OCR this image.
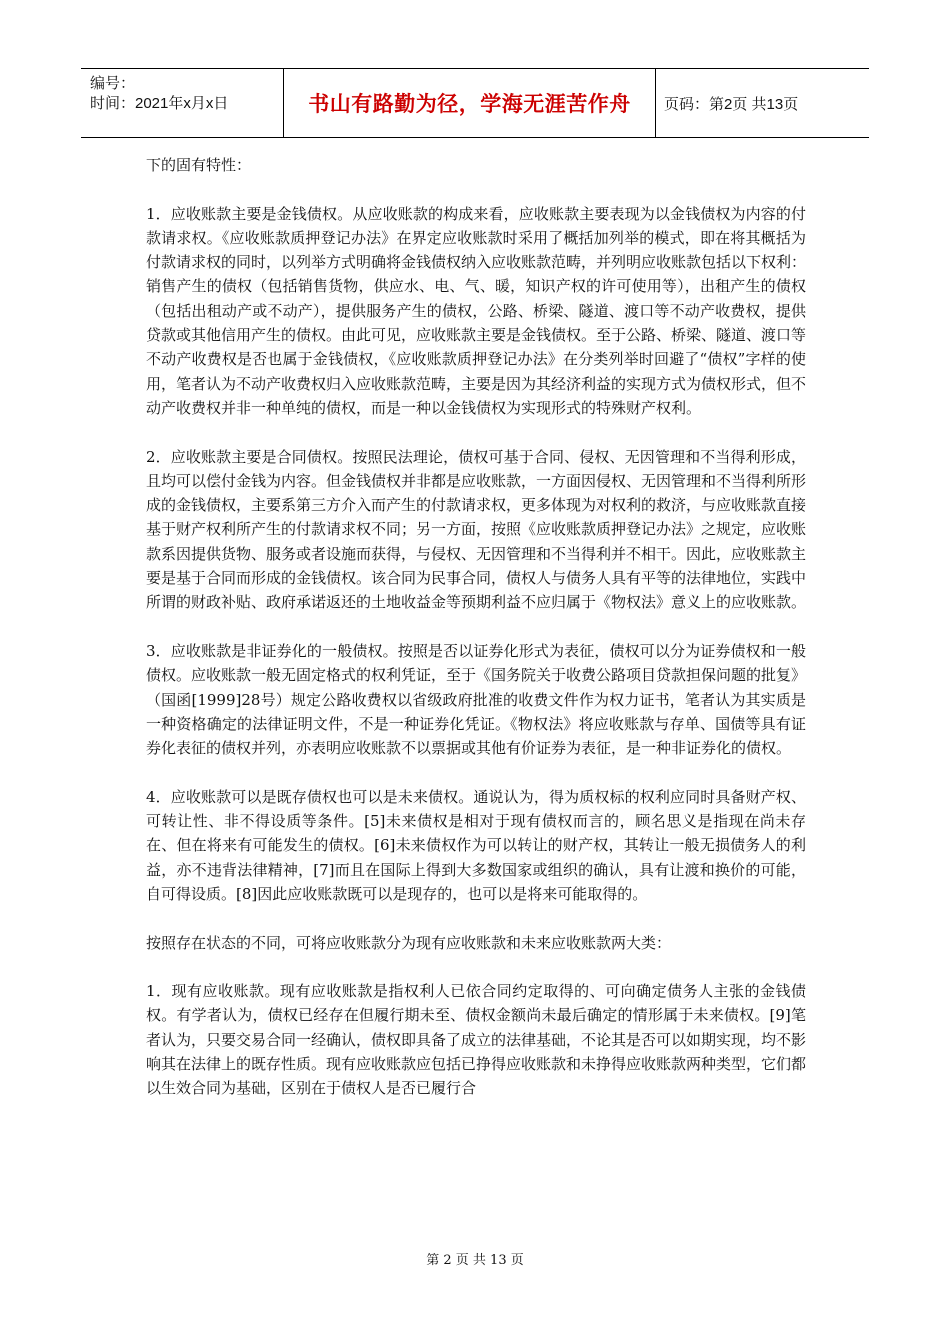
编号：
时间：2021年x月x日	书山有路勤为径，学海无涯苦作舟	页码：第2页 共13页

下的固有特性：

1．应收账款主要是金钱债权。从应收账款的构成来看，应收账款主要表现为以金钱债权为内容的付款请求权。《应收账款质押登记办法》在界定应收账款时采用了概括加列举的模式，即在将其概括为付款请求权的同时，以列举方式明确将金钱债权纳入应收账款范畴，并列明应收账款包括以下权利：销售产生的债权（包括销售货物，供应水、电、气、暖，知识产权的许可使用等），出租产生的债权（包括出租动产或不动产），提供服务产生的债权，公路、桥梁、隧道、渡口等不动产收费权，提供贷款或其他信用产生的债权。由此可见，应收账款主要是金钱债权。至于公路、桥梁、隧道、渡口等不动产收费权是否也属于金钱债权，《应收账款质押登记办法》在分类列举时回避了“债权”字样的使用，笔者认为不动产收费权归入应收账款范畴，主要是因为其经济利益的实现方式为债权形式，但不动产收费权并非一种单纯的债权，而是一种以金钱债权为实现形式的特殊财产权利。

2．应收账款主要是合同债权。按照民法理论，债权可基于合同、侵权、无因管理和不当得利形成，且均可以偿付金钱为内容。但金钱债权并非都是应收账款，一方面因侵权、无因管理和不当得利所形成的金钱债权，主要系第三方介入而产生的付款请求权，更多体现为对权利的救济，与应收账款直接基于财产权利所产生的付款请求权不同；另一方面，按照《应收账款质押登记办法》之规定，应收账款系因提供货物、服务或者设施而获得，与侵权、无因管理和不当得利并不相干。因此，应收账款主要是基于合同而形成的金钱债权。该合同为民事合同，债权人与债务人具有平等的法律地位，实践中所谓的财政补贴、政府承诺返还的土地收益金等预期利益不应归属于《物权法》意义上的应收账款。

3．应收账款是非证券化的一般债权。按照是否以证券化形式为表征，债权可以分为证券债权和一般债权。应收账款一般无固定格式的权利凭证，至于《国务院关于收费公路项目贷款担保问题的批复》（国函[1999]28号）规定公路收费权以省级政府批准的收费文件作为权力证书，笔者认为其实质是一种资格确定的法律证明文件，不是一种证券化凭证。《物权法》将应收账款与存单、国债等具有证券化表征的债权并列，亦表明应收账款不以票据或其他有价证券为表征，是一种非证券化的债权。

4．应收账款可以是既存债权也可以是未来债权。通说认为，得为质权标的权利应同时具备财产权、可转让性、非不得设质等条件。[5]未来债权是相对于现有债权而言的，顾名思义是指现在尚未存在、但在将来有可能发生的债权。[6]未来债权作为可以转让的财产权，其转让一般无损债务人的利益，亦不违背法律精神，[7]而且在国际上得到大多数国家或组织的确认，具有让渡和换价的可能，自可得设质。[8]因此应收账款既可以是现存的，也可以是将来可能取得的。

按照存在状态的不同，可将应收账款分为现有应收账款和未来应收账款两大类：

1．现有应收账款。现有应收账款是指权利人已依合同约定取得的、可向确定债务人主张的金钱债权。有学者认为，债权已经存在但履行期未至、债权金额尚未最后确定的情形属于未来债权。[9]笔者认为，只要交易合同一经确认，债权即具备了成立的法律基础，不论其是否可以如期实现，均不影响其在法律上的既存性质。现有应收账款应包括已挣得应收账款和未挣得应收账款两种类型，它们都以生效合同为基础，区别在于债权人是否已履行合

第 2 页 共 13 页
